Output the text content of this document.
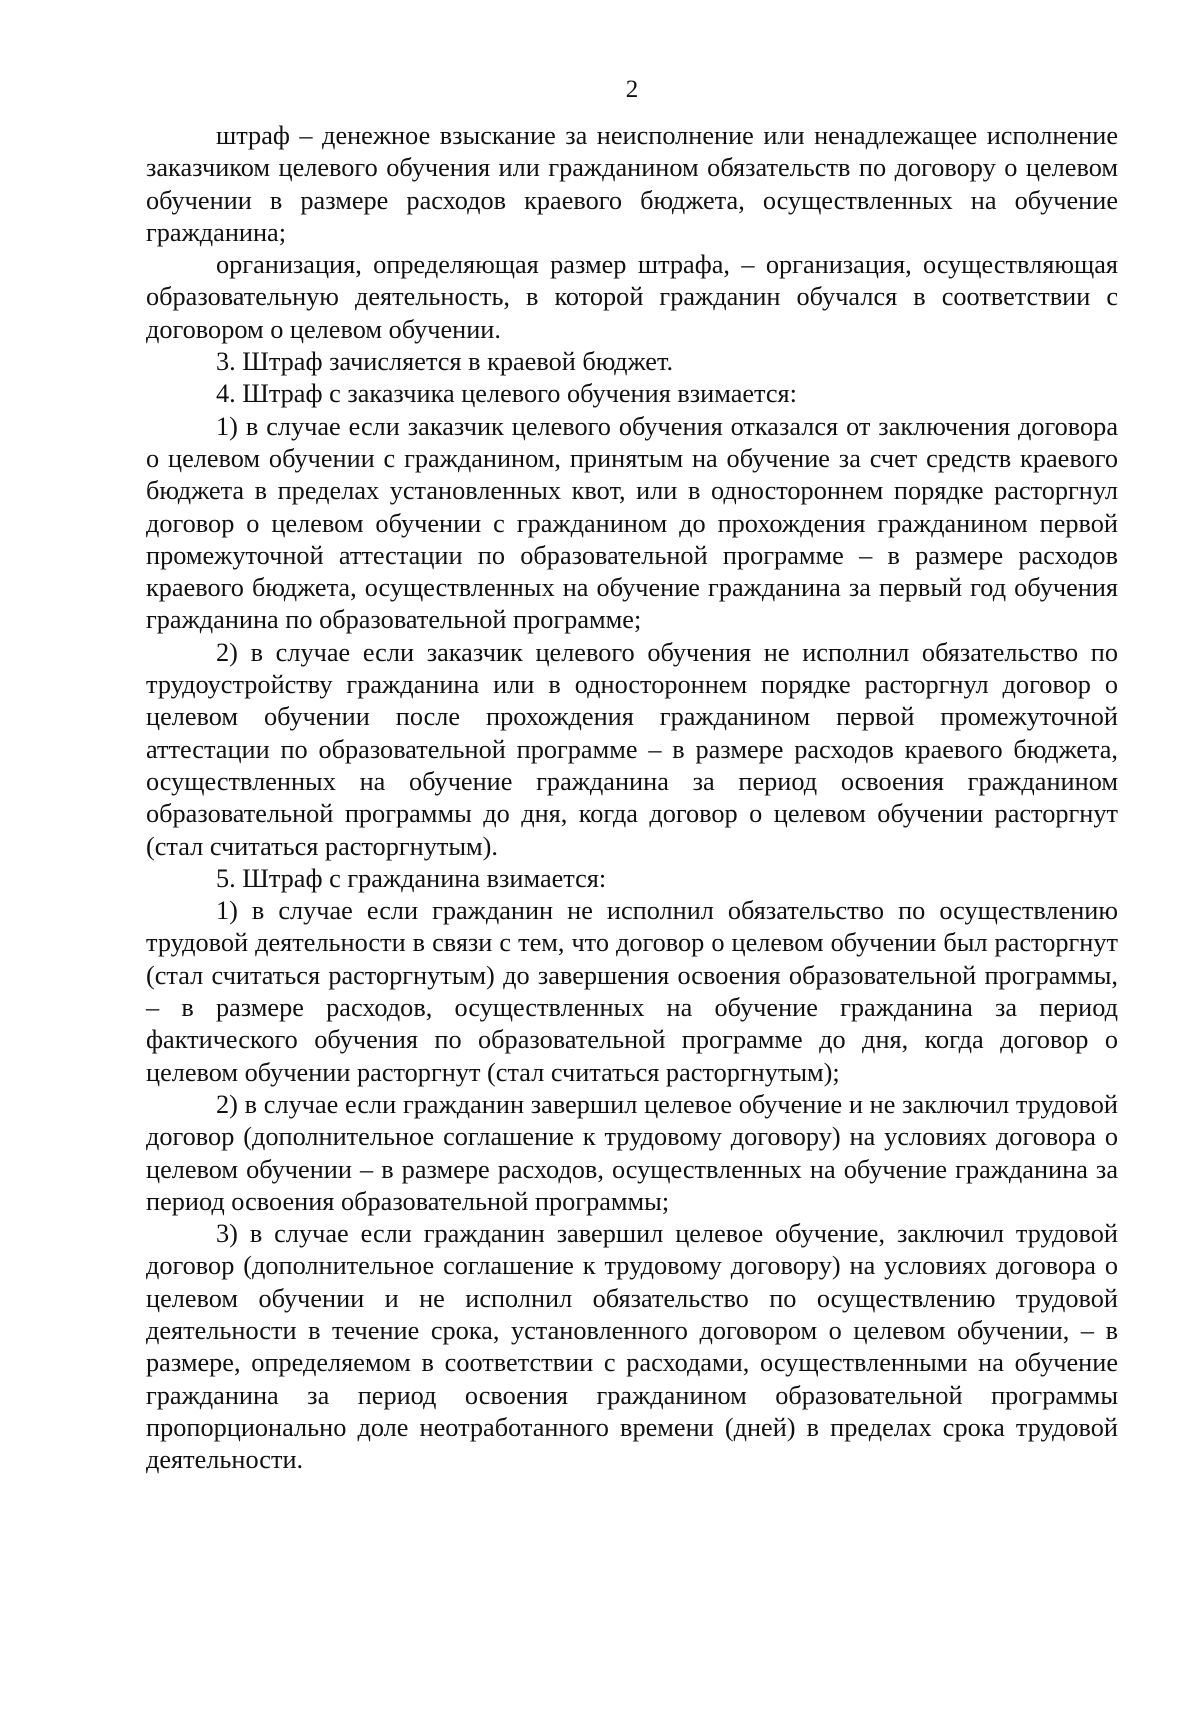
2

штраф – денежное взыскание за неисполнение или ненадлежащее исполнение заказчиком целевого обучения или гражданином обязательств по договору о целевом обучении в размере расходов краевого бюджета, осуществленных на обучение гражданина;

организация, определяющая размер штрафа, – организация, осуществляющая образовательную деятельность, в которой гражданин обучался в соответствии с договором о целевом обучении.

3. Штраф зачисляется в краевой бюджет.

4. Штраф с заказчика целевого обучения взимается:

1) в случае если заказчик целевого обучения отказался от заключения договора о целевом обучении с гражданином, принятым на обучение за счет средств краевого бюджета в пределах установленных квот, или в одностороннем порядке расторгнул договор о целевом обучении с гражданином до прохождения гражданином первой промежуточной аттестации по образовательной программе – в размере расходов краевого бюджета, осуществленных на обучение гражданина за первый год обучения гражданина по образовательной программе;

2) в случае если заказчик целевого обучения не исполнил обязательство по трудоустройству гражданина или в одностороннем порядке расторгнул договор о целевом обучении после прохождения гражданином первой промежуточной аттестации по образовательной программе – в размере расходов краевого бюджета, осуществленных на обучение гражданина за период освоения гражданином образовательной программы до дня, когда договор о целевом обучении расторгнут (стал считаться расторгнутым).

5. Штраф с гражданина взимается:

1) в случае если гражданин не исполнил обязательство по осуществлению трудовой деятельности в связи с тем, что договор о целевом обучении был расторгнут (стал считаться расторгнутым) до завершения освоения образовательной программы, – в размере расходов, осуществленных на обучение гражданина за период фактического обучения по образовательной программе до дня, когда договор о целевом обучении расторгнут (стал считаться расторгнутым);

2) в случае если гражданин завершил целевое обучение и не заключил трудовой договор (дополнительное соглашение к трудовому договору) на условиях договора о целевом обучении – в размере расходов, осуществленных на обучение гражданина за период освоения образовательной программы;

3) в случае если гражданин завершил целевое обучение, заключил трудовой договор (дополнительное соглашение к трудовому договору) на условиях договора о целевом обучении и не исполнил обязательство по осуществлению трудовой деятельности в течение срока, установленного договором о целевом обучении, – в размере, определяемом в соответствии с расходами, осуществленными на обучение гражданина за период освоения гражданином образовательной программы пропорционально доле неотработанного времени (дней) в пределах срока трудовой деятельности.
